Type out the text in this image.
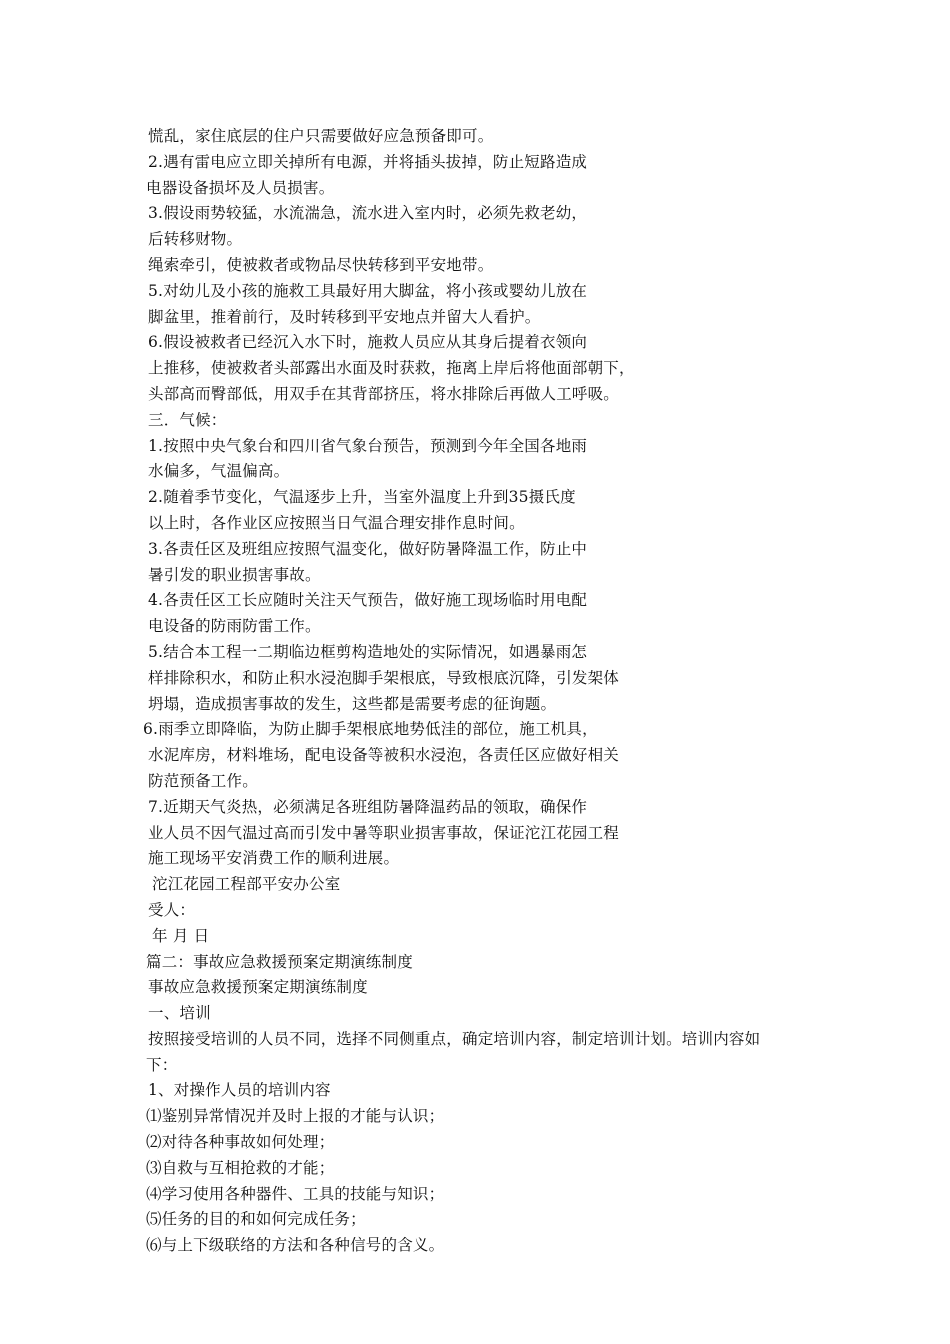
慌乱，家住底层的住户只需要做好应急预备即可。
2.遇有雷电应立即关掉所有电源，并将插头拔掉，防止短路造成
电器设备损坏及人员损害。
3.假设雨势较猛，水流湍急，流水进入室内时，必须先救老幼，
后转移财物。
绳索牵引，使被救者或物品尽快转移到平安地带。
5.对幼儿及小孩的施救工具最好用大脚盆，将小孩或婴幼儿放在
脚盆里，推着前行，及时转移到平安地点并留大人看护。
6.假设被救者已经沉入水下时，施救人员应从其身后提着衣领向
上推移，使被救者头部露出水面及时获救，拖离上岸后将他面部朝下，
头部高而臀部低，用双手在其背部挤压，将水排除后再做人工呼吸。
三．气候：
1.按照中央气象台和四川省气象台预告，预测到今年全国各地雨
水偏多，气温偏高。
2.随着季节变化，气温逐步上升，当室外温度上升到35摄氏度
以上时，各作业区应按照当日气温合理安排作息时间。
3.各责任区及班组应按照气温变化，做好防暑降温工作，防止中
暑引发的职业损害事故。
4.各责任区工长应随时关注天气预告，做好施工现场临时用电配
电设备的防雨防雷工作。
5.结合本工程一二期临边框剪构造地处的实际情况，如遇暴雨怎
样排除积水，和防止积水浸泡脚手架根底，导致根底沉降，引发架体
坍塌，造成损害事故的发生，这些都是需要考虑的征询题。
6.雨季立即降临，为防止脚手架根底地势低洼的部位，施工机具，
水泥库房，材料堆场，配电设备等被积水浸泡，各责任区应做好相关
防范预备工作。
7.近期天气炎热，必须满足各班组防暑降温药品的领取，确保作
业人员不因气温过高而引发中暑等职业损害事故，保证沱江花园工程
施工现场平安消费工作的顺利进展。
沱江花园工程部平安办公室
受人：
年 月 日
篇二：事故应急救援预案定期演练制度
事故应急救援预案定期演练制度
一、培训
按照接受培训的人员不同，选择不同侧重点，确定培训内容，制定培训计划。培训内容如
下：
1、对操作人员的培训内容
⑴鉴别异常情况并及时上报的才能与认识；
⑵对待各种事故如何处理；
⑶自救与互相抢救的才能；
⑷学习使用各种器件、工具的技能与知识；
⑸任务的目的和如何完成任务；
⑹与上下级联络的方法和各种信号的含义。
